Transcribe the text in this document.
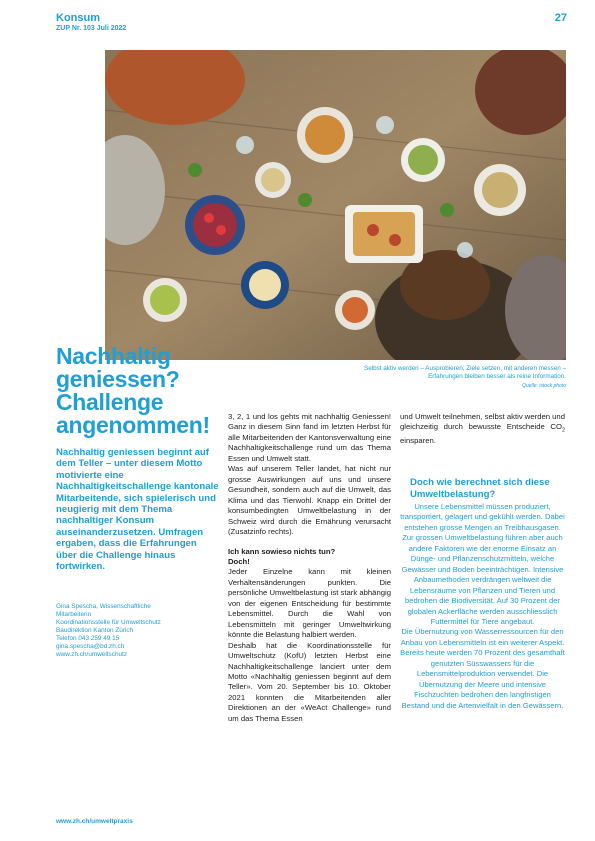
Konsum
ZUP Nr. 103 Juli 2022
27
Selbst aktiv werden – Ausprobieren, Ziele setzen, mit anderen messen –
Erfahrungen bleiben besser als reine Information.
Quelle: istock photo
Nachhaltig
geniessen?
Challenge
angenommen!
Nachhaltig geniessen beginnt auf dem Teller – unter diesem Motto motivierte eine Nachhaltigkeitschallenge kantonale Mitarbeitende, sich spielerisch und neugierig mit dem Thema nachhaltiger Konsum auseinanderzusetzen. Umfragen ergaben, dass die Erfahrungen über die Challenge hinaus fortwirken.
Gina Spescha, Wissenschaftliche
Mitarbeiterin
Koordinationsstelle für Umweltschutz
Baudirektion Kanton Zürich
Telefon 043 259 49 15
gina.spescha@bd.zh.ch
www.zh.ch/umweltschutz

3, 2, 1 und los gehts mit nachhaltig Geniessen! Ganz in diesem Sinn fand im letzten Herbst für alle Mitarbeitenden der Kantonsverwaltung eine Nachhaltigkeitschallenge rund um das Thema Essen und Umwelt statt.

Was auf unserem Teller landet, hat nicht nur grosse Auswirkungen auf uns und unsere Gesundheit, sondern auch auf die Umwelt, das Klima und das Tierwohl. Knapp ein Drittel der konsumbedingten Umweltbelastung in der Schweiz wird durch die Ernährung verursacht (Zusatzinfo rechts).

Ich kann sowieso nichts tun?
Doch!

Jeder Einzelne kann mit kleinen Verhaltensänderungen punkten. Die persönliche Umweltbelastung ist stark abhängig von der eigenen Entscheidung für bestimmte Lebensmittel. Durch die Wahl von Lebensmitteln mit geringer Umweltwirkung könnte die Belastung halbiert werden.

Deshalb hat die Koordinationsstelle für Umweltschutz (KofU) letzten Herbst eine Nachhaltigkeitschallenge lanciert unter dem Motto «Nachhaltig geniessen beginnt auf dem Teller». Vom 20. September bis 10. Oktober 2021 konnten die Mitarbeitenden aller Direktionen an der «WeAct Challenge» rund um das Thema Essen

und Umwelt teilnehmen, selbst aktiv werden und gleichzeitig durch bewusste Entscheide $CO_2$ einsparen.

Doch wie berechnet sich diese Umweltbelastung?

Unsere Lebensmittel müssen produziert, transportiert, gelagert und gekühlt werden. Dabei entstehen grosse Mengen an Treibhausgasen. Zur grossen Umweltbelastung führen aber auch andere Faktoren wie der enorme Einsatz an Dünge- und Pflanzenschutzmitteln, welche Gewässer und Boden beeinträchtigen. Intensive Anbaumethoden verdrängen weltweit die Lebensräume von Pflanzen und Tieren und bedrohen die Biodiversität. Auf 30 Prozent der globalen Ackerfläche werden ausschliesslich Futtermittel für Tiere angebaut.

Die Übernutzung von Wasserressourcen für den Anbau von Lebensmitteln ist ein weiterer Aspekt. Bereits heute werden 70 Prozent des gesamthaft genutzten Süsswassers für die Lebensmittelproduktion verwendet. Die Übernutzung der Meere und intensive Fischzuchten bedrohen den langfristigen Bestand und die Artenvielfalt in den Gewässern.

www.zh.ch/umweltpraxis
